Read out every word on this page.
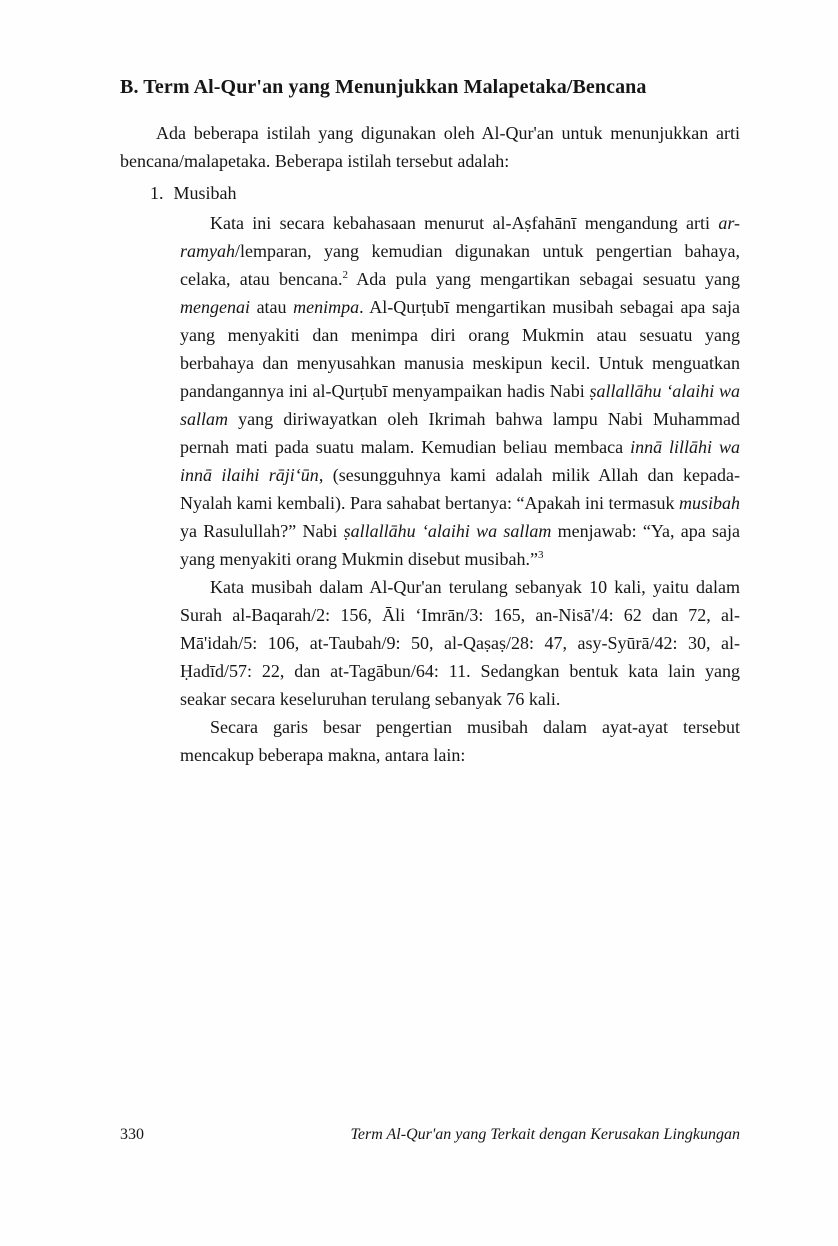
B. Term Al-Qur'an yang Menunjukkan Malapetaka/Bencana

Ada beberapa istilah yang digunakan oleh Al-Qur'an untuk menunjukkan arti bencana/malapetaka. Beberapa istilah tersebut adalah:

1. Musibah

Kata ini secara kebahasaan menurut al-Aṣfahānī mengandung arti ar-ramyah/lemparan, yang kemudian digunakan untuk pengertian bahaya, celaka, atau bencana.$^2$ Ada pula yang mengartikan sebagai sesuatu yang mengenai atau menimpa. Al-Qurṭubī mengartikan musibah sebagai apa saja yang menyakiti dan menimpa diri orang Mukmin atau sesuatu yang berbahaya dan menyusahkan manusia meskipun kecil. Untuk menguatkan pandangannya ini al-Qurṭubī menyampaikan hadis Nabi ṣallallāhu ʻalaihi wa sallam yang diriwayatkan oleh Ikrimah bahwa lampu Nabi Muhammad pernah mati pada suatu malam. Kemudian beliau membaca innā lillāhi wa innā ilaihi rājiʻūn, (sesungguhnya kami adalah milik Allah dan kepada-Nyalah kami kembali). Para sahabat bertanya: “Apakah ini termasuk musibah ya Rasulullah?” Nabi ṣallallāhu ʻalaihi wa sallam menjawab: “Ya, apa saja yang menyakiti orang Mukmin disebut musibah.”$^3$

Kata musibah dalam Al-Qur'an terulang sebanyak 10 kali, yaitu dalam Surah al-Baqarah/2: 156, Āli ʻImrān/3: 165, an-Nisā'/4: 62 dan 72, al-Mā'idah/5: 106, at-Taubah/9: 50, al-Qaṣaṣ/28: 47, asy-Syūrā/42: 30, al-Ḥadīd/57: 22, dan at-Tagābun/64: 11. Sedangkan bentuk kata lain yang seakar secara keseluruhan terulang sebanyak 76 kali.

Secara garis besar pengertian musibah dalam ayat-ayat tersebut mencakup beberapa makna, antara lain:

330	Term Al-Qur'an yang Terkait dengan Kerusakan Lingkungan
